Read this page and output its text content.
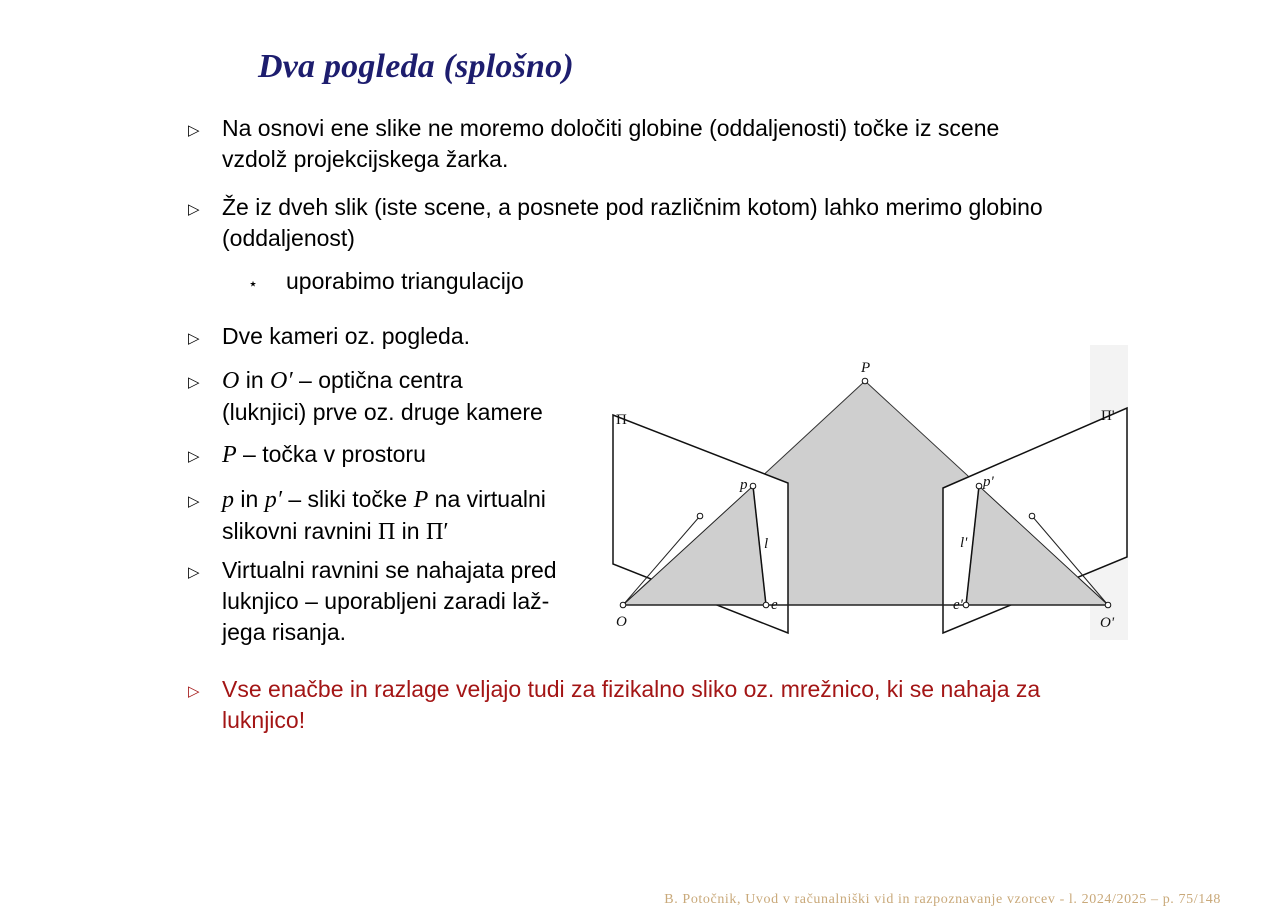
Dva pogleda (splošno)
▷ Na osnovi ene slike ne moremo določiti globine (oddaljenosti) točke iz scene
vzdolž projekcijskega žarka.
▷ Že iz dveh slik (iste scene, a posnete pod različnim kotom) lahko merimo globino
(oddaljenost)
⋆ uporabimo triangulacijo
▷ Dve kameri oz. pogleda.
▷ O in O′ – optična centra
(luknjici) prve oz. druge kamere
▷ P – točka v prostoru
▷ p in p′ – sliki točke P na virtualni
slikovni ravnini Π in Π′
▷ Virtualni ravnini se nahajata pred
luknjico – uporabljeni zaradi laž-
jega risanja.
▷ Vse enačbe in razlage veljajo tudi za fizikalno sliko oz. mrežnico, ki se nahaja za
luknjico!
P
Π	Π'
p	p'
l	l'
e	e'
O	O'
B. Potočnik, Uvod v računalniški vid in razpoznavanje vzorcev - l. 2024/2025 – p. 75/148
